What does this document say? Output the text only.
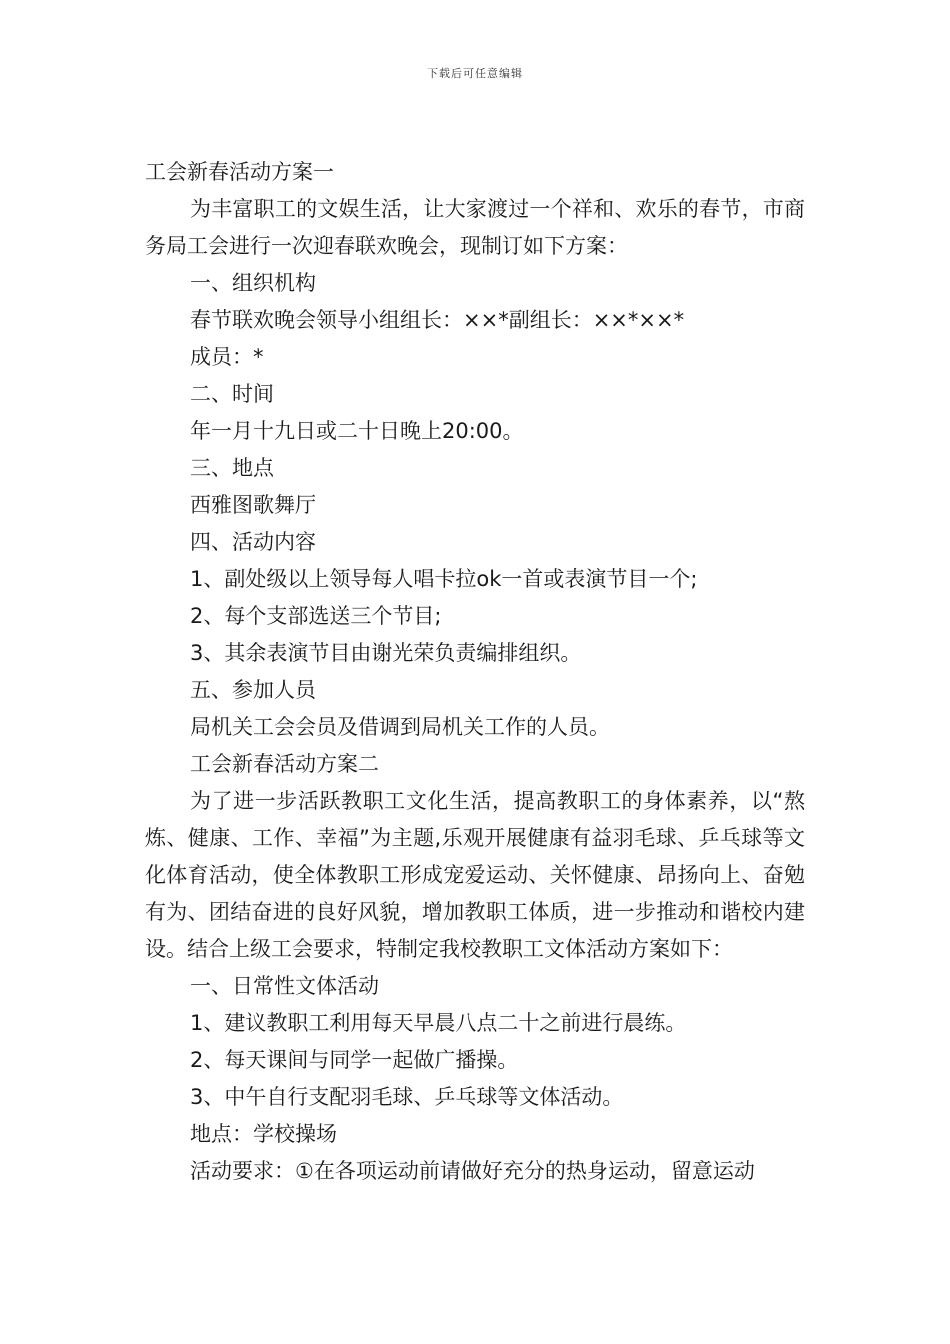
下载后可任意编辑
工会新春活动方案一
为丰富职工的文娱生活，让大家渡过一个祥和、欢乐的春节，市商务局工会进行一次迎春联欢晚会，现制订如下方案：
一、组织机构
春节联欢晚会领导小组组长：××*副组长：××*××*
成员：*
二、时间
年一月十九日或二十日晚上20:00。
三、地点
西雅图歌舞厅
四、活动内容
1、副处级以上领导每人唱卡拉ok一首或表演节目一个;
2、每个支部选送三个节目;
3、其余表演节目由谢光荣负责编排组织。
五、参加人员
局机关工会会员及借调到局机关工作的人员。
工会新春活动方案二
为了进一步活跃教职工文化生活，提高教职工的身体素养，以“熬炼、健康、工作、幸福”为主题,乐观开展健康有益羽毛球、乒乓球等文化体育活动，使全体教职工形成宠爱运动、关怀健康、昂扬向上、奋勉有为、团结奋进的良好风貌，增加教职工体质，进一步推动和谐校内建设。结合上级工会要求，特制定我校教职工文体活动方案如下：
一、日常性文体活动
1、建议教职工利用每天早晨八点二十之前进行晨练。
2、每天课间与同学一起做广播操。
3、中午自行支配羽毛球、乒乓球等文体活动。
地点：学校操场
活动要求：①在各项运动前请做好充分的热身运动，留意运动
